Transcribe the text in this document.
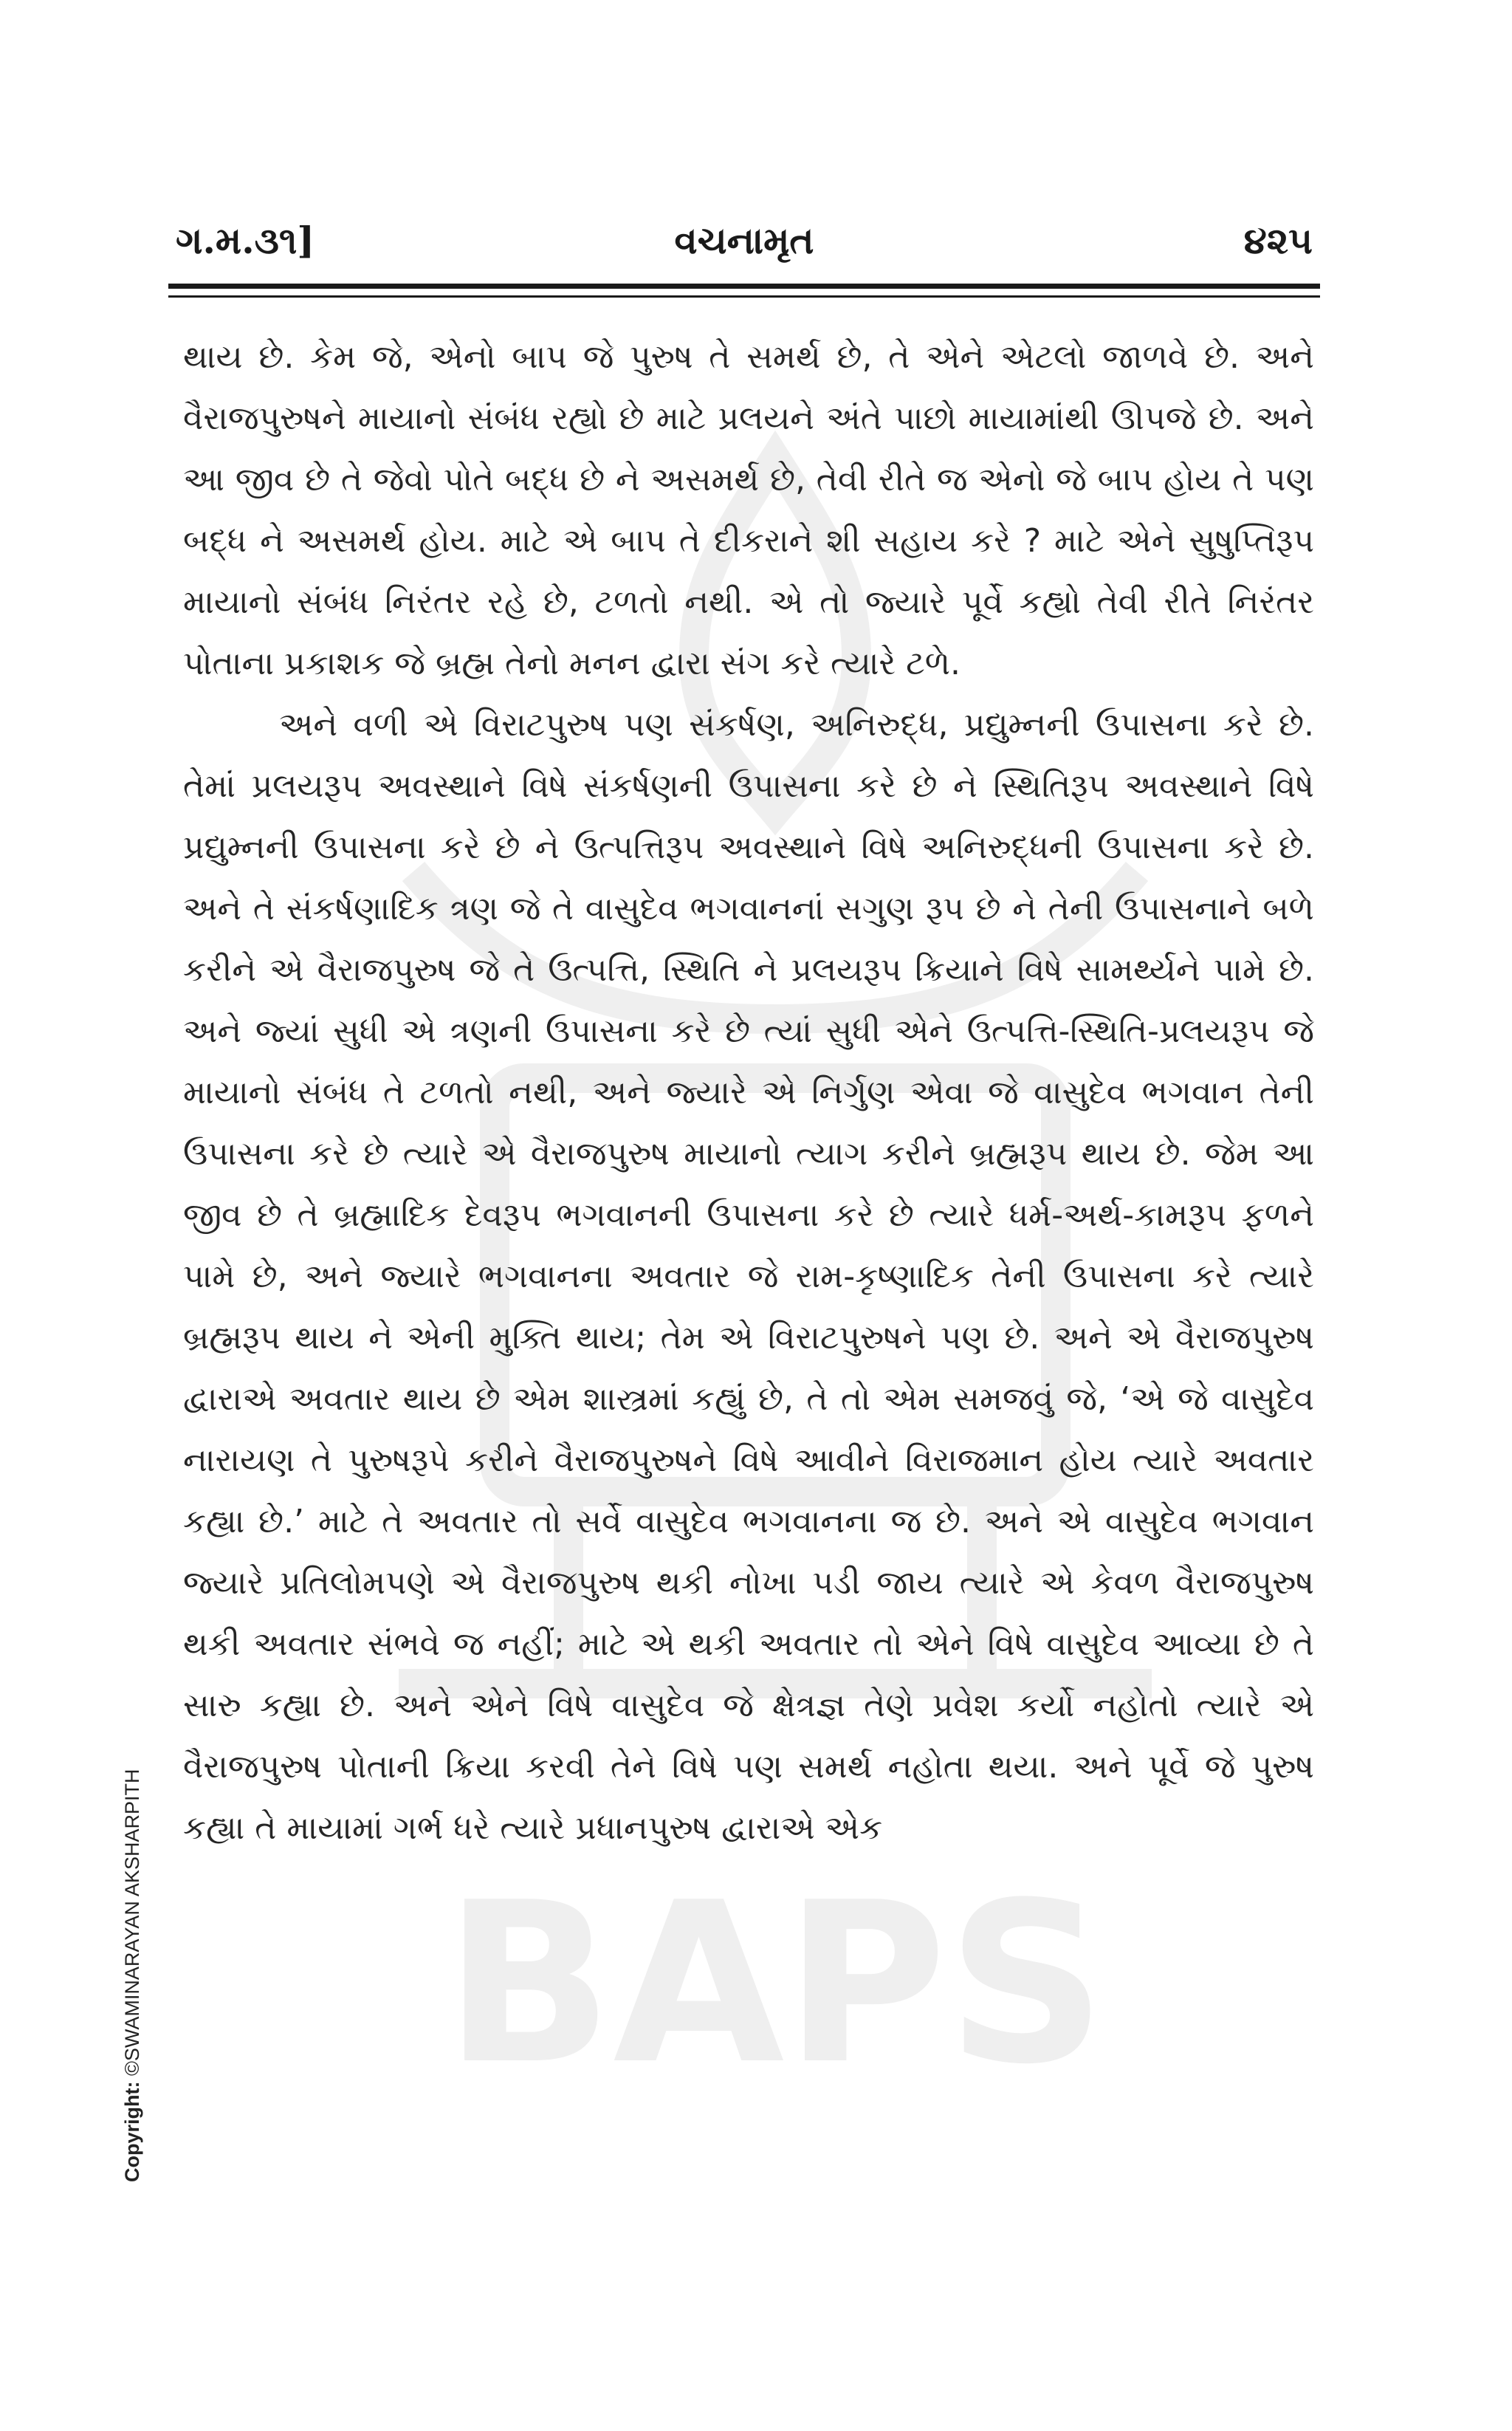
BAPS
ગ.મ.૩૧]	વચનામૃત	૪૨૫

થાય છે. કેમ જે, એનો બાપ જે પુરુષ તે સમર્થ છે, તે એને એટલો જાળવે છે. અને વૈરાજપુરુષને માયાનો સંબંધ રહ્યો છે માટે પ્રલયને અંતે પાછો માયામાંથી ઊપજે છે. અને આ જીવ છે તે જેવો પોતે બદ્ધ છે ને અસમર્થ છે, તેવી રીતે જ એનો જે બાપ હોય તે પણ બદ્ધ ને અસમર્થ હોય. માટે એ બાપ તે દીકરાને શી સહાય કરે ? માટે એને સુષુપ્તિરૂપ માયાનો સંબંધ નિરંતર રહે છે, ટળતો નથી. એ તો જ્યારે પૂર્વે કહ્યો તેવી રીતે નિરંતર પોતાના પ્રકાશક જે બ્રહ્મ તેનો મનન દ્વારા સંગ કરે ત્યારે ટળે.

અને વળી એ વિરાટપુરુષ પણ સંકર્ષણ, અનિરુદ્ધ, પ્રદ્યુમ્નની ઉપાસના કરે છે. તેમાં પ્રલયરૂપ અવસ્થાને વિષે સંકર્ષણની ઉપાસના કરે છે ને સ્થિતિરૂપ અવસ્થાને વિષે પ્રદ્યુમ્નની ઉપાસના કરે છે ને ઉત્પત્તિરૂપ અવસ્થાને વિષે અનિરુદ્ધની ઉપાસના કરે છે. અને તે સંકર્ષણાદિક ત્રણ જે તે વાસુદેવ ભગવાનનાં સગુણ રૂપ છે ને તેની ઉપાસનાને બળે કરીને એ વૈરાજપુરુષ જે તે ઉત્પત્તિ, સ્થિતિ ને પ્રલયરૂપ ક્રિયાને વિષે સામર્થ્યને પામે છે. અને જ્યાં સુધી એ ત્રણની ઉપાસના કરે છે ત્યાં સુધી એને ઉત્પત્તિ-સ્થિતિ-પ્રલયરૂપ જે માયાનો સંબંધ તે ટળતો નથી, અને જ્યારે એ નિર્ગુણ એવા જે વાસુદેવ ભગવાન તેની ઉપાસના કરે છે ત્યારે એ વૈરાજપુરુષ માયાનો ત્યાગ કરીને બ્રહ્મરૂપ થાય છે. જેમ આ જીવ છે તે બ્રહ્માદિક દેવરૂપ ભગવાનની ઉપાસના કરે છે ત્યારે ધર્મ-અર્થ-કામરૂપ ફળને પામે છે, અને જ્યારે ભગવાનના અવતાર જે રામ-કૃષ્ણાદિક તેની ઉપાસના કરે ત્યારે બ્રહ્મરૂપ થાય ને એની મુક્તિ થાય; તેમ એ વિરાટપુરુષને પણ છે. અને એ વૈરાજપુરુષ દ્વારાએ અવતાર થાય છે એમ શાસ્ત્રમાં કહ્યું છે, તે તો એમ સમજવું જે, ‘એ જે વાસુદેવ નારાયણ તે પુરુષરૂપે કરીને વૈરાજપુરુષને વિષે આવીને વિરાજમાન હોય ત્યારે અવતાર કહ્યા છે.’ માટે તે અવતાર તો સર્વે વાસુદેવ ભગવાનના જ છે. અને એ વાસુદેવ ભગવાન જ્યારે પ્રતિલોમપણે એ વૈરાજપુરુષ થકી નોખા પડી જાય ત્યારે એ કેવળ વૈરાજપુરુષ થકી અવતાર સંભવે જ નહીં; માટે એ થકી અવતાર તો એને વિષે વાસુદેવ આવ્યા છે તે સારુ કહ્યા છે. અને એને વિષે વાસુદેવ જે ક્ષેત્રજ્ઞ તેણે પ્રવેશ કર્યો નહોતો ત્યારે એ વૈરાજપુરુષ પોતાની ક્રિયા કરવી તેને વિષે પણ સમર્થ નહોતા થયા. અને પૂર્વે જે પુરુષ કહ્યા તે માયામાં ગર્ભ ધરે ત્યારે પ્રધાનપુરુષ દ્વારાએ એક

Copyright: ©SWAMINARAYAN AKSHARPITH
